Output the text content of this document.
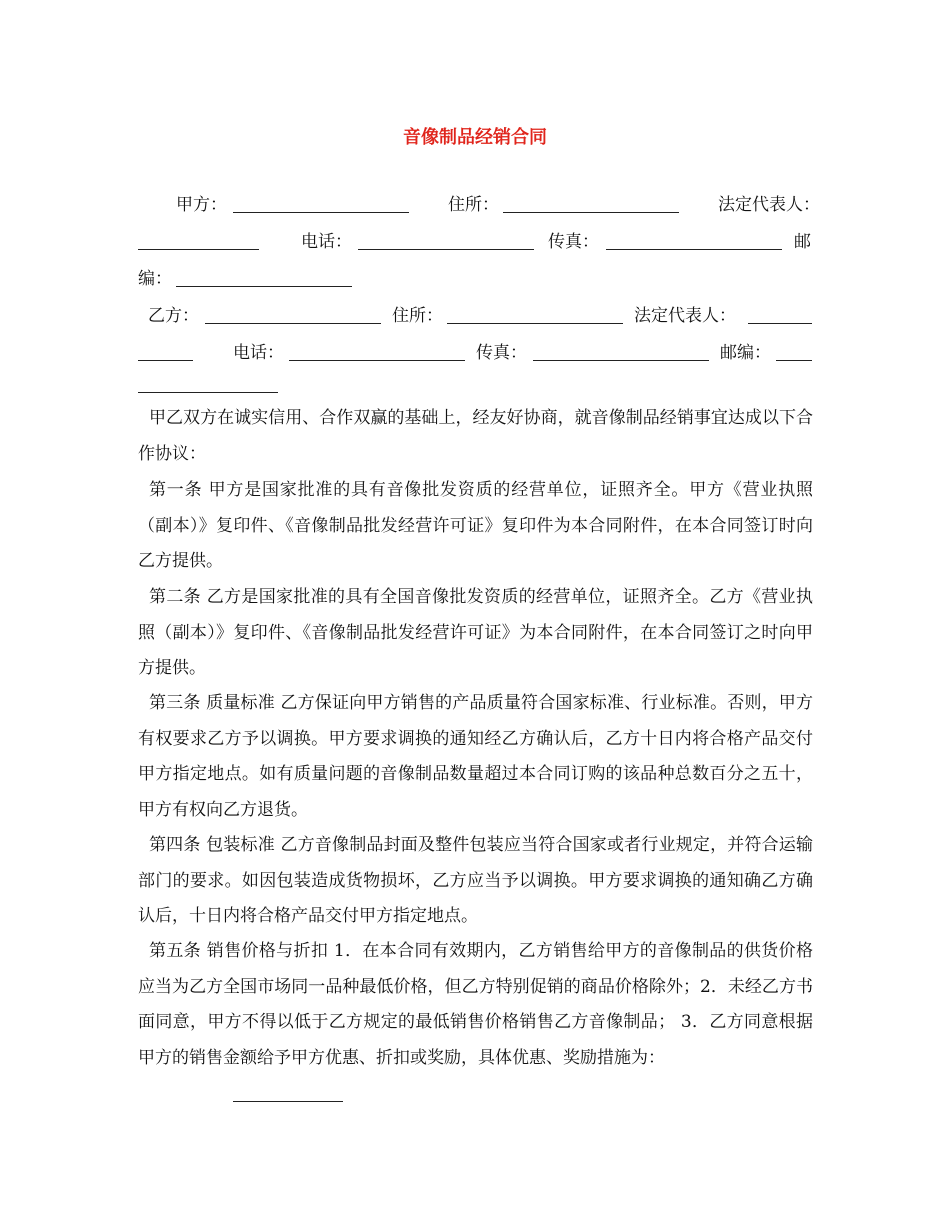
音像制品经销合同
甲方：	住所：	法定代表人：
电话：	传真：	邮
编：
乙方：	住所：	法定代表人：
电话：	传真：	邮编：

甲乙双方在诚实信用、合作双赢的基础上，经友好协商，就音像制品经销事宜达成以下合作协议：

第一条 甲方是国家批准的具有音像批发资质的经营单位，证照齐全。甲方《营业执照（副本）》复印件、《音像制品批发经营许可证》复印件为本合同附件，在本合同签订时向乙方提供。

第二条 乙方是国家批准的具有全国音像批发资质的经营单位，证照齐全。乙方《营业执照（副本）》复印件、《音像制品批发经营许可证》为本合同附件，在本合同签订之时向甲方提供。

第三条 质量标准 乙方保证向甲方销售的产品质量符合国家标准、行业标准。否则，甲方有权要求乙方予以调换。甲方要求调换的通知经乙方确认后，乙方十日内将合格产品交付甲方指定地点。如有质量问题的音像制品数量超过本合同订购的该品种总数百分之五十，甲方有权向乙方退货。

第四条 包装标准 乙方音像制品封面及整件包装应当符合国家或者行业规定，并符合运输部门的要求。如因包装造成货物损坏，乙方应当予以调换。甲方要求调换的通知确乙方确认后，十日内将合格产品交付甲方指定地点。

第五条 销售价格与折扣 1．在本合同有效期内，乙方销售给甲方的音像制品的供货价格应当为乙方全国市场同一品种最低价格，但乙方特别促销的商品价格除外；2．未经乙方书面同意，甲方不得以低于乙方规定的最低销售价格销售乙方音像制品； 3．乙方同意根据甲方的销售金额给予甲方优惠、折扣或奖励，具体优惠、奖励措施为：
